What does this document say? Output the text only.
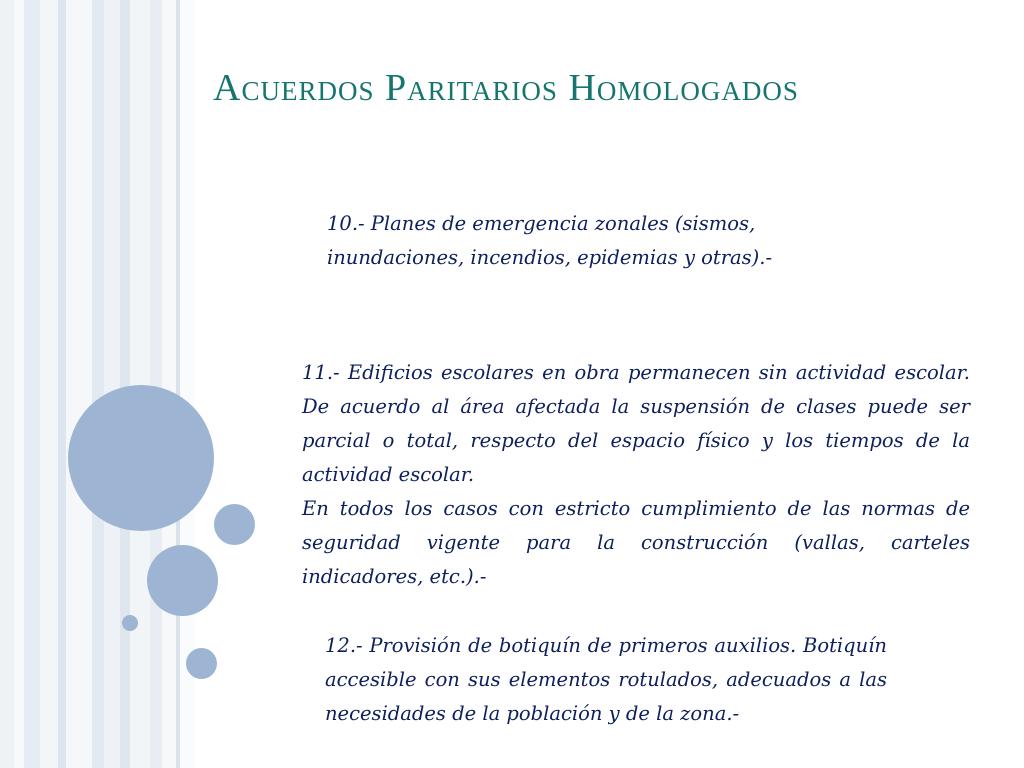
Acuerdos Paritarios Homologados

10.- Planes de emergencia zonales (sismos, inundaciones, incendios, epidemias y otras).-

11.- Edificios escolares en obra permanecen sin actividad escolar. De acuerdo al área afectada la suspensión de clases puede ser parcial o total, respecto del espacio físico y los tiempos de la actividad escolar.

En todos los casos con estricto cumplimiento de las normas de seguridad vigente para la construcción (vallas, carteles indicadores, etc.).-

12.- Provisión de botiquín de primeros auxilios. Botiquín accesible con sus elementos rotulados, adecuados a las necesidades de la población y de la zona.-
